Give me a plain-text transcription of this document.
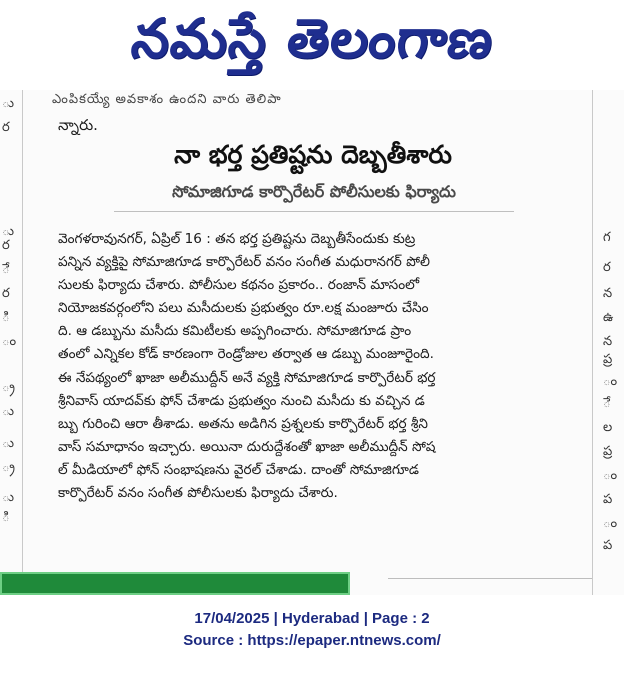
నమస్తే తెలంగాణ
ు
ర
ు
ర
ే
ర
ి
ం
్ర
ు
ు
్ర
ు
ి
ఎంపికయ్యే అవకాశం ఉందని వారు తెలిపా
న్నారు.
నా భర్త ప్రతిష్టను దెబ్బతీశారు
సోమాజిగూడ కార్పొరేటర్ పోలీసులకు ఫిర్యాదు
వెంగళరావునగర్, ఏప్రిల్ 16 : తన భర్త ప్రతిష్టను దెబ్బతీసేందుకు కుట్ర
పన్నిన వ్యక్తిపై సోమాజిగూడ కార్పొరేటర్ వనం సంగీత మధురానగర్ పోలీ
సులకు ఫిర్యాదు చేశారు. పోలీసుల కథనం ప్రకారం.. రంజాన్ మాసంలో
నియోజకవర్గంలోని పలు మసీదులకు ప్రభుత్వం రూ.లక్ష మంజూరు చేసిం
ది. ఆ డబ్బును మసీదు కమిటీలకు అప్పగించారు. సోమాజిగూడ ప్రాం
తంలో ఎన్నికల కోడ్ కారణంగా రెండ్రోజుల తర్వాత ఆ డబ్బు మంజూరైంది.
ఈ నేపథ్యంలో ఖాజా అలీముద్దీన్ అనే వ్యక్తి సోమాజిగూడ కార్పొరేటర్ భర్త
శ్రీనివాస్ యాదవ్‌కు ఫోన్ చేశాడు ప్రభుత్వం నుంచి మసీదు కు వచ్చిన డ
బ్బు గురించి ఆరా తీశాడు. అతను అడిగిన ప్రశ్నలకు కార్పొరేటర్ భర్త శ్రీని
వాస్ సమాధానం ఇచ్చారు. అయినా దురుద్దేశంతో ఖాజా అలీముద్దీన్ సోష
ల్ మీడియాలో ఫోన్ సంభాషణను వైరల్ చేశాడు. దాంతో సోమాజిగూడ
కార్పొరేటర్ వనం సంగీత పోలీసులకు ఫిర్యాదు చేశారు.
గ
ర
న
ఉ
న
ప్ర
ం
ే
ల
ప్ర
ం
ప
ం
ప
17/04/2025 | Hyderabad | Page : 2
Source : https://epaper.ntnews.com/
